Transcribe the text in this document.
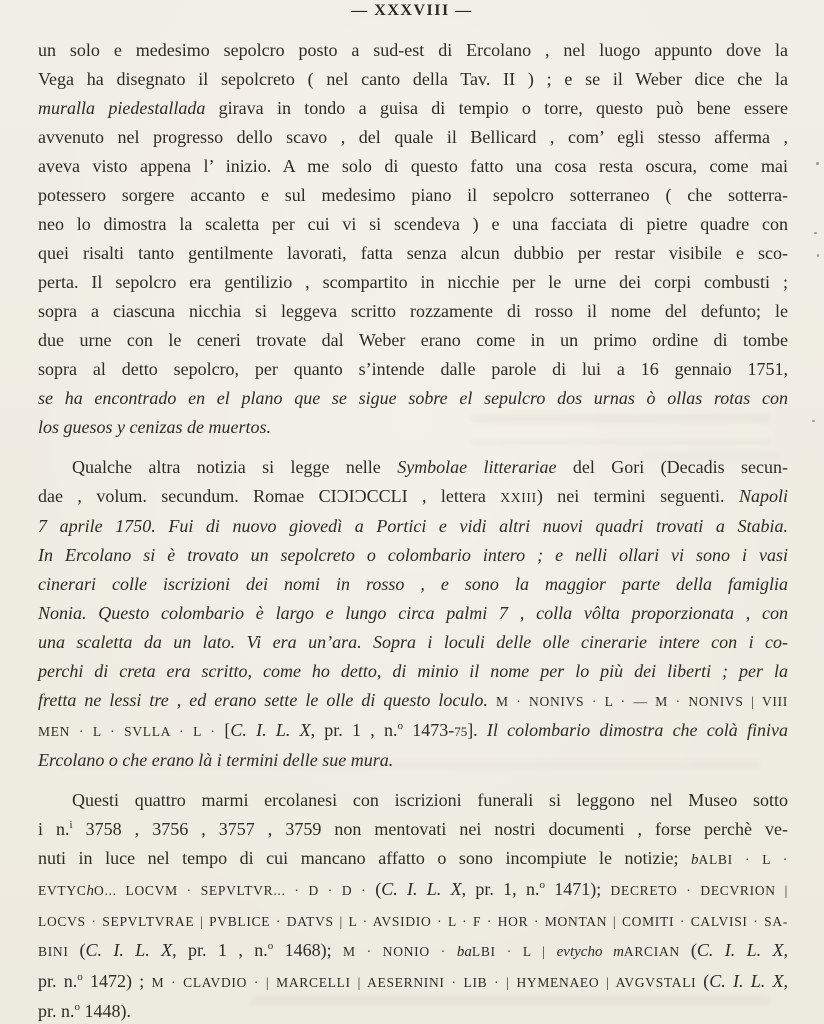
— XXXVIII —
un solo e medesimo sepolcro posto a sud-est di Ercolano , nel luogo appunto dove la
Vega ha disegnato il sepolcreto ( nel canto della Tav. II ) ; e se il Weber dice che la
muralla piedestallada girava in tondo a guisa di tempio o torre, questo può bene essere
avvenuto nel progresso dello scavo , del quale il Bellicard , com’ egli stesso afferma ,
aveva visto appena l’ inizio. A me solo di questo fatto una cosa resta oscura, come mai
potessero sorgere accanto e sul medesimo piano il sepolcro sotterraneo ( che sotterra-
neo lo dimostra la scaletta per cui vi si scendeva ) e una facciata di pietre quadre con
quei risalti tanto gentilmente lavorati, fatta senza alcun dubbio per restar visibile e sco-
perta. Il sepolcro era gentilizio , scompartito in nicchie per le urne dei corpi combusti ;
sopra a ciascuna nicchia si leggeva scritto rozzamente di rosso il nome del defunto; le
due urne con le ceneri trovate dal Weber erano come in un primo ordine di tombe
sopra al detto sepolcro, per quanto s’intende dalle parole di lui a 16 gennaio 1751,
se ha encontrado en el plano que se sigue sobre el sepulcro dos urnas ò ollas rotas con
los guesos y cenizas de muertos.
Qualche altra notizia si legge nelle Symbolae litterariae del Gori (Decadis secun-
dae , volum. secundum. Romae CIƆIƆCCLI , lettera XXIII) nei termini seguenti. Napoli
7 aprile 1750. Fui di nuovo giovedì a Portici e vidi altri nuovi quadri trovati a Stabia.
In Ercolano si è trovato un sepolcreto o colombario intero ; e nelli ollari vi sono i vasi
cinerari colle iscrizioni dei nomi in rosso , e sono la maggior parte della famiglia
Nonia. Questo colombario è largo e lungo circa palmi 7 , colla vôlta proporzionata , con
una scaletta da un lato. Vi era un’ara. Sopra i loculi delle olle cinerarie intere con i co-
perchi di creta era scritto, come ho detto, di minio il nome per lo più dei liberti ; per la
fretta ne lessi tre , ed erano sette le olle di questo loculo. M · NONIVS · L · — M · NONIVS | VIII
MEN · L · SVLLA · L · [C. I. L. X, pr. 1 , n.$^o$ 1473-75]. Il colombario dimostra che colà finiva
Ercolano o che erano là i termini delle sue mura.
Questi quattro marmi ercolanesi con iscrizioni funerali si leggono nel Museo sotto
i n.$^i$ 3758 , 3756 , 3757 , 3759 non mentovati nei nostri documenti , forse perchè ve-
nuti in luce nel tempo di cui mancano affatto o sono incompiute le notizie; bALBI · L ·
EVTYChO... LOCVM · SEPVLTVR... · D · D · (C. I. L. X, pr. 1, n.$^o$ 1471); DECRETO · DECVRION |
LOCVS · SEPVLTVRAE | PVBLICE · DATVS | L · AVSIDIO · L · F · HOR · MONTAN | COMITI · CALVISI · SA-
BINI (C. I. L. X, pr. 1 , n.$^o$ 1468); M · NONIO · baLBI · L | evtycho mARCIAN (C. I. L. X,
pr. n.$^o$ 1472) ; M · CLAVDIO · | MARCELLI | AESERNINI · LIB · | HYMENAEO | AVGVSTALI (C. I. L. X,
pr. n.$^o$ 1448).
